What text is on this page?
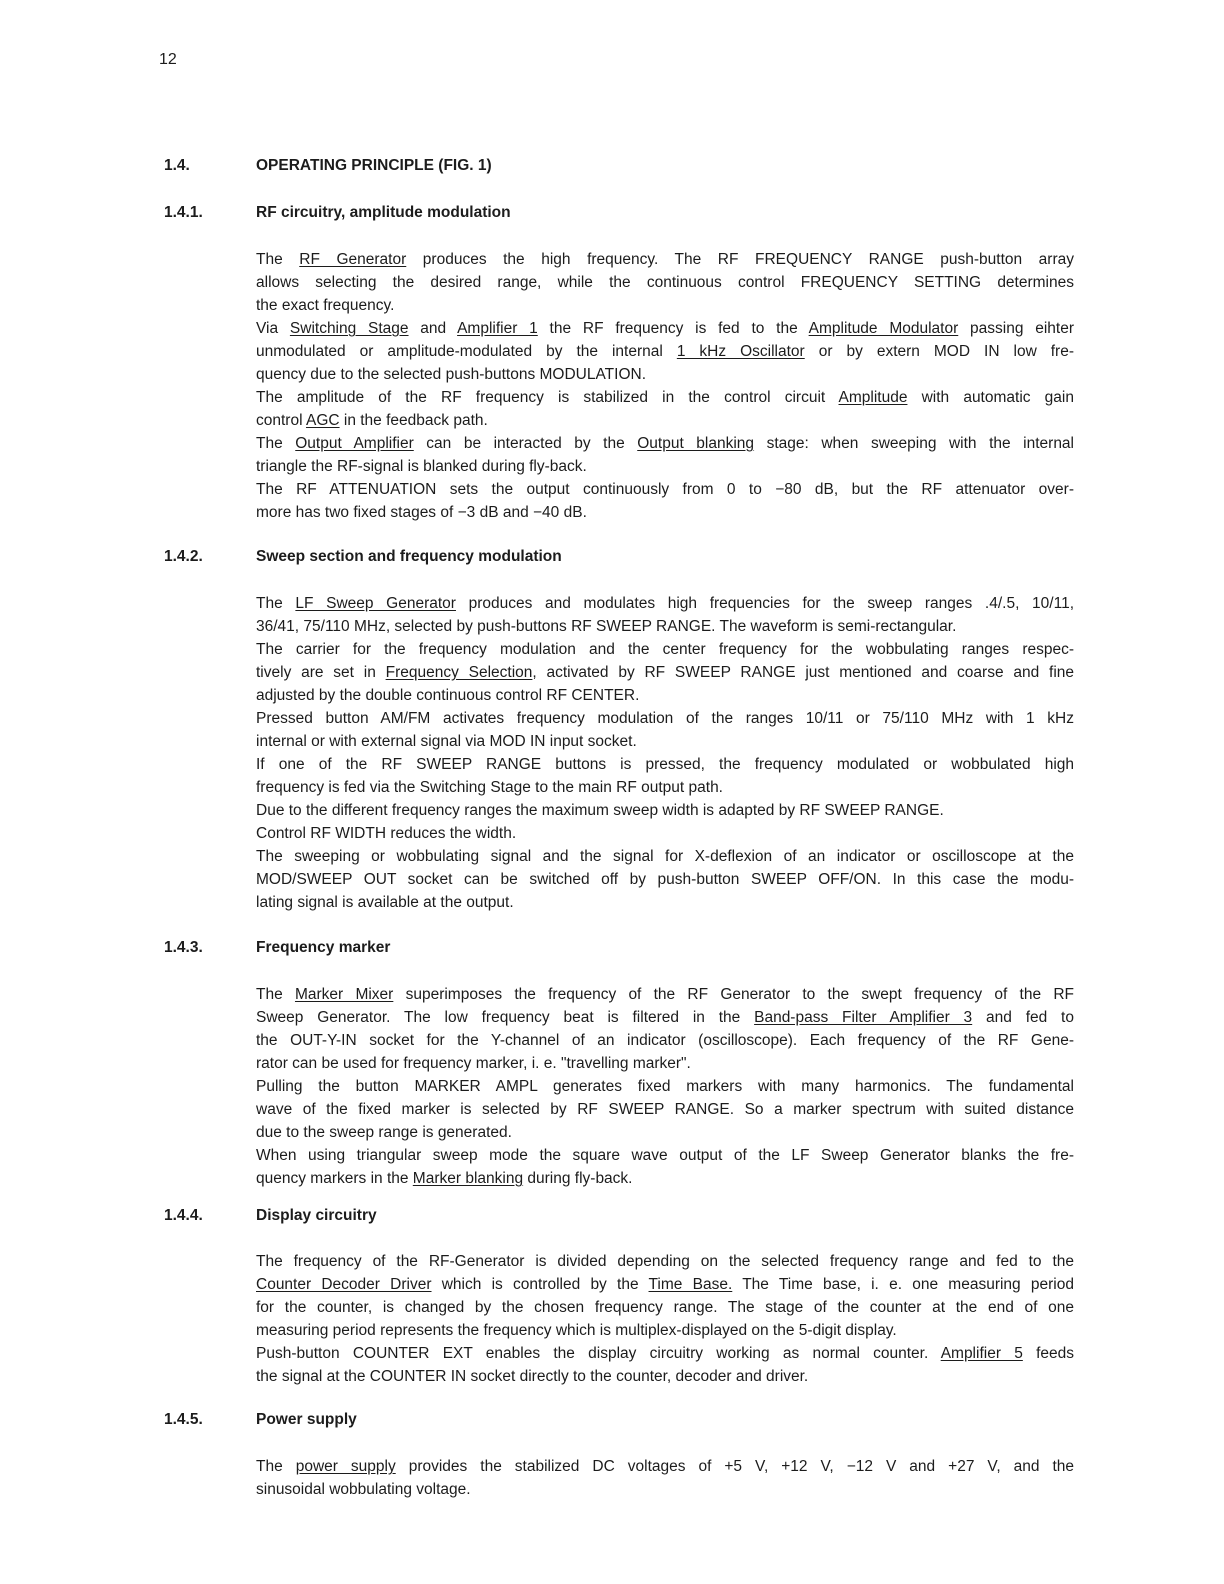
12
1.4.	OPERATING PRINCIPLE (FIG. 1)
1.4.1.	RF circuitry, amplitude modulation
The RF Generator produces the high frequency. The RF FREQUENCY RANGE push-button array
allows selecting the desired range, while the continuous control FREQUENCY SETTING determines
the exact frequency.
Via Switching Stage and Amplifier 1 the RF frequency is fed to the Amplitude Modulator passing eihter
unmodulated or amplitude-modulated by the internal 1 kHz Oscillator or by extern MOD IN low fre-
quency due to the selected push-buttons MODULATION.
The amplitude of the RF frequency is stabilized in the control circuit Amplitude with automatic gain
control AGC in the feedback path.
The Output Amplifier can be interacted by the Output blanking stage: when sweeping with the internal
triangle the RF-signal is blanked during fly-back.
The RF ATTENUATION sets the output continuously from 0 to −80 dB, but the RF attenuator over-
more has two fixed stages of −3 dB and −40 dB.
1.4.2.	Sweep section and frequency modulation
The LF Sweep Generator produces and modulates high frequencies for the sweep ranges .4/.5, 10/11,
36/41, 75/110 MHz, selected by push-buttons RF SWEEP RANGE. The waveform is semi-rectangular.
The carrier for the frequency modulation and the center frequency for the wobbulating ranges respec-
tively are set in Frequency Selection, activated by RF SWEEP RANGE just mentioned and coarse and fine
adjusted by the double continuous control RF CENTER.
Pressed button AM/FM activates frequency modulation of the ranges 10/11 or 75/110 MHz with 1 kHz
internal or with external signal via MOD IN input socket.
If one of the RF SWEEP RANGE buttons is pressed, the frequency modulated or wobbulated high
frequency is fed via the Switching Stage to the main RF output path.
Due to the different frequency ranges the maximum sweep width is adapted by RF SWEEP RANGE.
Control RF WIDTH reduces the width.
The sweeping or wobbulating signal and the signal for X-deflexion of an indicator or oscilloscope at the
MOD/SWEEP OUT socket can be switched off by push-button SWEEP OFF/ON. In this case the modu-
lating signal is available at the output.
1.4.3.	Frequency marker
The Marker Mixer superimposes the frequency of the RF Generator to the swept frequency of the RF
Sweep Generator. The low frequency beat is filtered in the Band-pass Filter Amplifier 3 and fed to
the OUT-Y-IN socket for the Y-channel of an indicator (oscilloscope). Each frequency of the RF Gene-
rator can be used for frequency marker, i. e. "travelling marker".
Pulling the button MARKER AMPL generates fixed markers with many harmonics. The fundamental
wave of the fixed marker is selected by RF SWEEP RANGE. So a marker spectrum with suited distance
due to the sweep range is generated.
When using triangular sweep mode the square wave output of the LF Sweep Generator blanks the fre-
quency markers in the Marker blanking during fly-back.
1.4.4.	Display circuitry
The frequency of the RF-Generator is divided depending on the selected frequency range and fed to the
Counter Decoder Driver which is controlled by the Time Base. The Time base, i. e. one measuring period
for the counter, is changed by the chosen frequency range. The stage of the counter at the end of one
measuring period represents the frequency which is multiplex-displayed on the 5-digit display.
Push-button COUNTER EXT enables the display circuitry working as normal counter. Amplifier 5 feeds
the signal at the COUNTER IN socket directly to the counter, decoder and driver.
1.4.5.	Power supply
The power supply provides the stabilized DC voltages of +5 V, +12 V, −12 V and +27 V, and the
sinusoidal wobbulating voltage.
